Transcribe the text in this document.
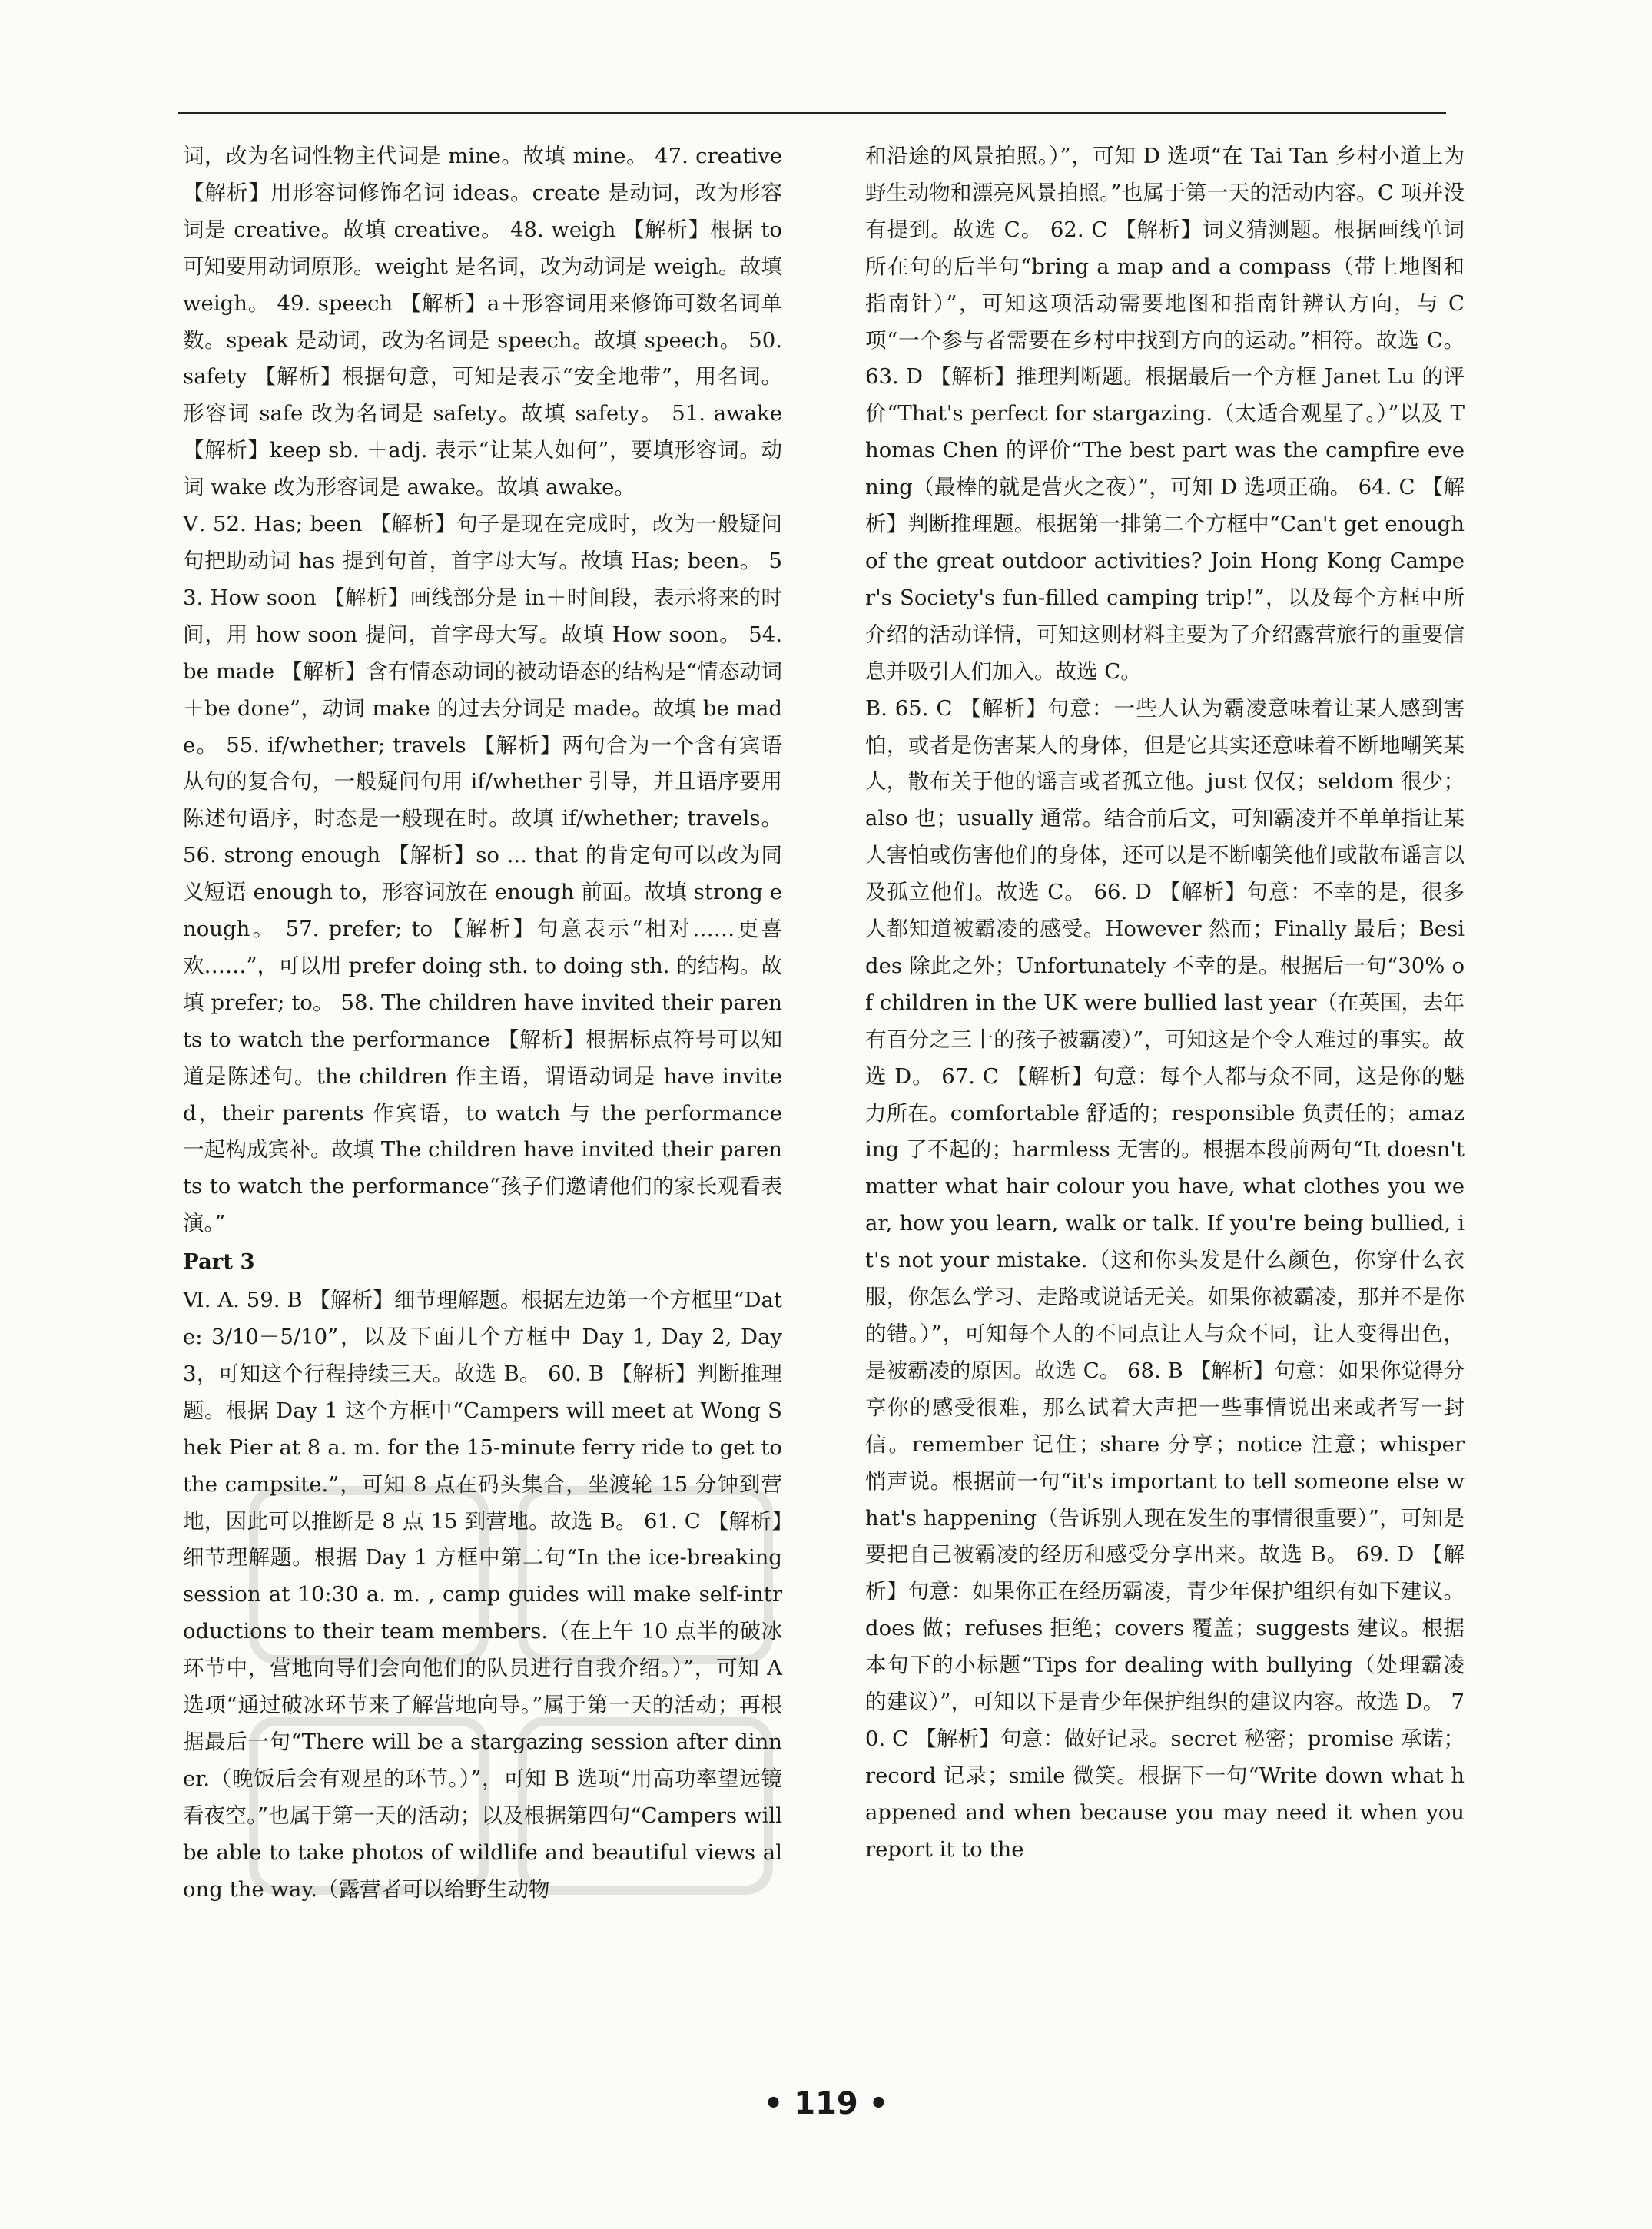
词，改为名词性物主代词是 mine。故填 mine。 47. creative 【解析】用形容词修饰名词 ideas。create 是动词，改为形容词是 creative。故填 creative。 48. weigh 【解析】根据 to 可知要用动词原形。weight 是名词，改为动词是 weigh。故填 weigh。 49. speech 【解析】a＋形容词用来修饰可数名词单数。speak 是动词，改为名词是 speech。故填 speech。 50. safety 【解析】根据句意，可知是表示“安全地带”，用名词。形容词 safe 改为名词是 safety。故填 safety。 51. awake 【解析】keep sb. ＋adj. 表示“让某人如何”，要填形容词。动词 wake 改为形容词是 awake。故填 awake。

Ⅴ. 52. Has; been 【解析】句子是现在完成时，改为一般疑问句把助动词 has 提到句首，首字母大写。故填 Has; been。 53. How soon 【解析】画线部分是 in＋时间段，表示将来的时间，用 how soon 提问，首字母大写。故填 How soon。 54. be made 【解析】含有情态动词的被动语态的结构是“情态动词＋be done”，动词 make 的过去分词是 made。故填 be made。 55. if/whether; travels 【解析】两句合为一个含有宾语从句的复合句，一般疑问句用 if/whether 引导，并且语序要用陈述句语序，时态是一般现在时。故填 if/whether; travels。 56. strong enough 【解析】so ... that 的肯定句可以改为同义短语 enough to，形容词放在 enough 前面。故填 strong enough。 57. prefer; to 【解析】句意表示“相对……更喜欢……”，可以用 prefer doing sth. to doing sth. 的结构。故填 prefer; to。 58. The children have invited their parents to watch the performance 【解析】根据标点符号可以知道是陈述句。the children 作主语，谓语动词是 have invited，their parents 作宾语，to watch 与 the performance 一起构成宾补。故填 The children have invited their parents to watch the performance“孩子们邀请他们的家长观看表演。”

Part 3

Ⅵ. A. 59. B 【解析】细节理解题。根据左边第一个方框里“Date: 3/10－5/10”，以及下面几个方框中 Day 1, Day 2, Day 3，可知这个行程持续三天。故选 B。 60. B 【解析】判断推理题。根据 Day 1 这个方框中“Campers will meet at Wong Shek Pier at 8 a. m. for the 15-minute ferry ride to get to the campsite.”，可知 8 点在码头集合，坐渡轮 15 分钟到营地，因此可以推断是 8 点 15 到营地。故选 B。 61. C 【解析】细节理解题。根据 Day 1 方框中第二句“In the ice-breaking session at 10:30 a. m. , camp guides will make self-introductions to their team members.（在上午 10 点半的破冰环节中，营地向导们会向他们的队员进行自我介绍。）”，可知 A 选项“通过破冰环节来了解营地向导。”属于第一天的活动；再根据最后一句“There will be a stargazing session after dinner.（晚饭后会有观星的环节。）”，可知 B 选项“用高功率望远镜看夜空。”也属于第一天的活动；以及根据第四句“Campers will be able to take photos of wildlife and beautiful views along the way.（露营者可以给野生动物

和沿途的风景拍照。）”，可知 D 选项“在 Tai Tan 乡村小道上为野生动物和漂亮风景拍照。”也属于第一天的活动内容。C 项并没有提到。故选 C。 62. C 【解析】词义猜测题。根据画线单词所在句的后半句“bring a map and a compass（带上地图和指南针）”，可知这项活动需要地图和指南针辨认方向，与 C 项“一个参与者需要在乡村中找到方向的运动。”相符。故选 C。 63. D 【解析】推理判断题。根据最后一个方框 Janet Lu 的评价“That's perfect for stargazing.（太适合观星了。）”以及 Thomas Chen 的评价“The best part was the campfire evening（最棒的就是营火之夜）”，可知 D 选项正确。 64. C 【解析】判断推理题。根据第一排第二个方框中“Can't get enough of the great outdoor activities? Join Hong Kong Camper's Society's fun-filled camping trip!”，以及每个方框中所介绍的活动详情，可知这则材料主要为了介绍露营旅行的重要信息并吸引人们加入。故选 C。

B. 65. C 【解析】句意：一些人认为霸凌意味着让某人感到害怕，或者是伤害某人的身体，但是它其实还意味着不断地嘲笑某人，散布关于他的谣言或者孤立他。just 仅仅；seldom 很少；also 也；usually 通常。结合前后文，可知霸凌并不单单指让某人害怕或伤害他们的身体，还可以是不断嘲笑他们或散布谣言以及孤立他们。故选 C。 66. D 【解析】句意：不幸的是，很多人都知道被霸凌的感受。However 然而；Finally 最后；Besides 除此之外；Unfortunately 不幸的是。根据后一句“30% of children in the UK were bullied last year（在英国，去年有百分之三十的孩子被霸凌）”，可知这是个令人难过的事实。故选 D。 67. C 【解析】句意：每个人都与众不同，这是你的魅力所在。comfortable 舒适的；responsible 负责任的；amazing 了不起的；harmless 无害的。根据本段前两句“It doesn't matter what hair colour you have, what clothes you wear, how you learn, walk or talk. If you're being bullied, it's not your mistake.（这和你头发是什么颜色，你穿什么衣服，你怎么学习、走路或说话无关。如果你被霸凌，那并不是你的错。）”，可知每个人的不同点让人与众不同，让人变得出色，是被霸凌的原因。故选 C。 68. B 【解析】句意：如果你觉得分享你的感受很难，那么试着大声把一些事情说出来或者写一封信。remember 记住；share 分享；notice 注意；whisper 悄声说。根据前一句“it's important to tell someone else what's happening（告诉别人现在发生的事情很重要）”，可知是要把自己被霸凌的经历和感受分享出来。故选 B。 69. D 【解析】句意：如果你正在经历霸凌，青少年保护组织有如下建议。does 做；refuses 拒绝；covers 覆盖；suggests 建议。根据本句下的小标题“Tips for dealing with bullying（处理霸凌的建议）”，可知以下是青少年保护组织的建议内容。故选 D。 70. C 【解析】句意：做好记录。secret 秘密；promise 承诺；record 记录；smile 微笑。根据下一句“Write down what happened and when because you may need it when you report it to the

• 119 •
